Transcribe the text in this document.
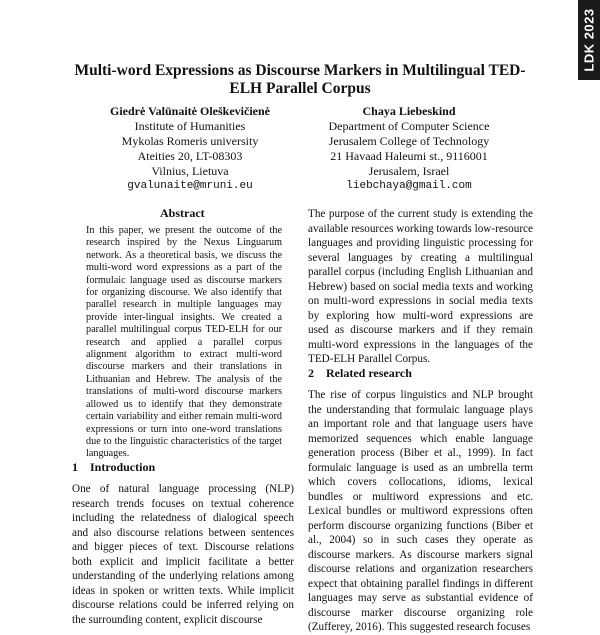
LDK 2023
Multi-word Expressions as Discourse Markers in Multilingual TED-ELH Parallel Corpus
Giedrė Valūnaitė Oleškevičienė
Institute of Humanities
Mykolas Romeris university
Ateities 20, LT-08303
Vilnius, Lietuva
gvalunaite@mruni.eu
Chaya Liebeskind
Department of Computer Science
Jerusalem College of Technology
21 Havaad Haleumi st., 9116001
Jerusalem, Israel
liebchaya@gmail.com
Abstract

In this paper, we present the outcome of the research inspired by the Nexus Linguarum network. As a theoretical basis, we discuss the multi-word word expressions as a part of the formulaic language used as discourse markers for organizing discourse. We also identify that parallel research in multiple languages may provide inter-lingual insights. We created a parallel multilingual corpus TED-ELH for our research and applied a parallel corpus alignment algorithm to extract multi-word discourse markers and their translations in Lithuanian and Hebrew. The analysis of the translations of multi-word discourse markers allowed us to identify that they demonstrate certain variability and either remain multi-word expressions or turn into one-word translations due to the linguistic characteristics of the target languages.

1 Introduction

One of natural language processing (NLP) research trends focuses on textual coherence including the relatedness of dialogical speech and also discourse relations between sentences and bigger pieces of text. Discourse relations both explicit and implicit facilitate a better understanding of the underlying relations among ideas in spoken or written texts. While implicit discourse relations could be inferred relying on the surrounding content, explicit discourse

The purpose of the current study is extending the available resources working towards low-resource languages and providing linguistic processing for several languages by creating a multilingual parallel corpus (including English Lithuanian and Hebrew) based on social media texts and working on multi-word expressions in social media texts by exploring how multi-word expressions are used as discourse markers and if they remain multi-word expressions in the languages of the TED-ELH Parallel Corpus.

2 Related research

The rise of corpus linguistics and NLP brought the understanding that formulaic language plays an important role and that language users have memorized sequences which enable language generation process (Biber et al., 1999). In fact formulaic language is used as an umbrella term which covers collocations, idioms, lexical bundles or multiword expressions and etc. Lexical bundles or multiword expressions often perform discourse organizing functions (Biber et al., 2004) so in such cases they operate as discourse markers. As discourse markers signal discourse relations and organization researchers expect that obtaining parallel findings in different languages may serve as substantial evidence of discourse marker discourse organizing role (Zufferey, 2016). This suggested research focuses
